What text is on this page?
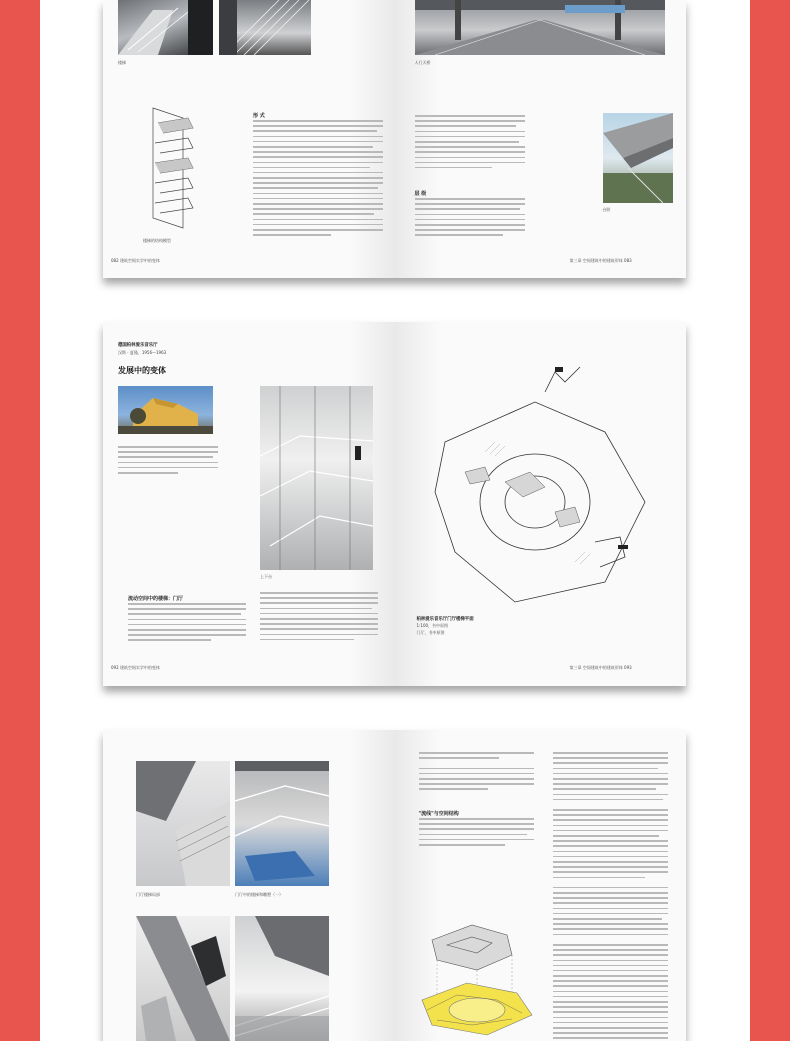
楼梯
楼梯的结构模型
形 式
082 建筑空间实学中的变体
人行天桥
层 级
台阶
第三章 空间建筑中的建筑形体 083
德国柏林爱乐音乐厅
汉斯 · 夏隆，1956—1963
发展中的变体
上下台
流动空间中的楼梯：门厅
092 建筑空间实学中的变体
柏林爱乐音乐厅门厅楼梯平面
1:100，书中原图
门厅，书中原图
第三章 空间建筑中的建筑形体 093
门厅楼梯局部	门厅中的楼梯和雕塑（一）
"流线"与空间结构
